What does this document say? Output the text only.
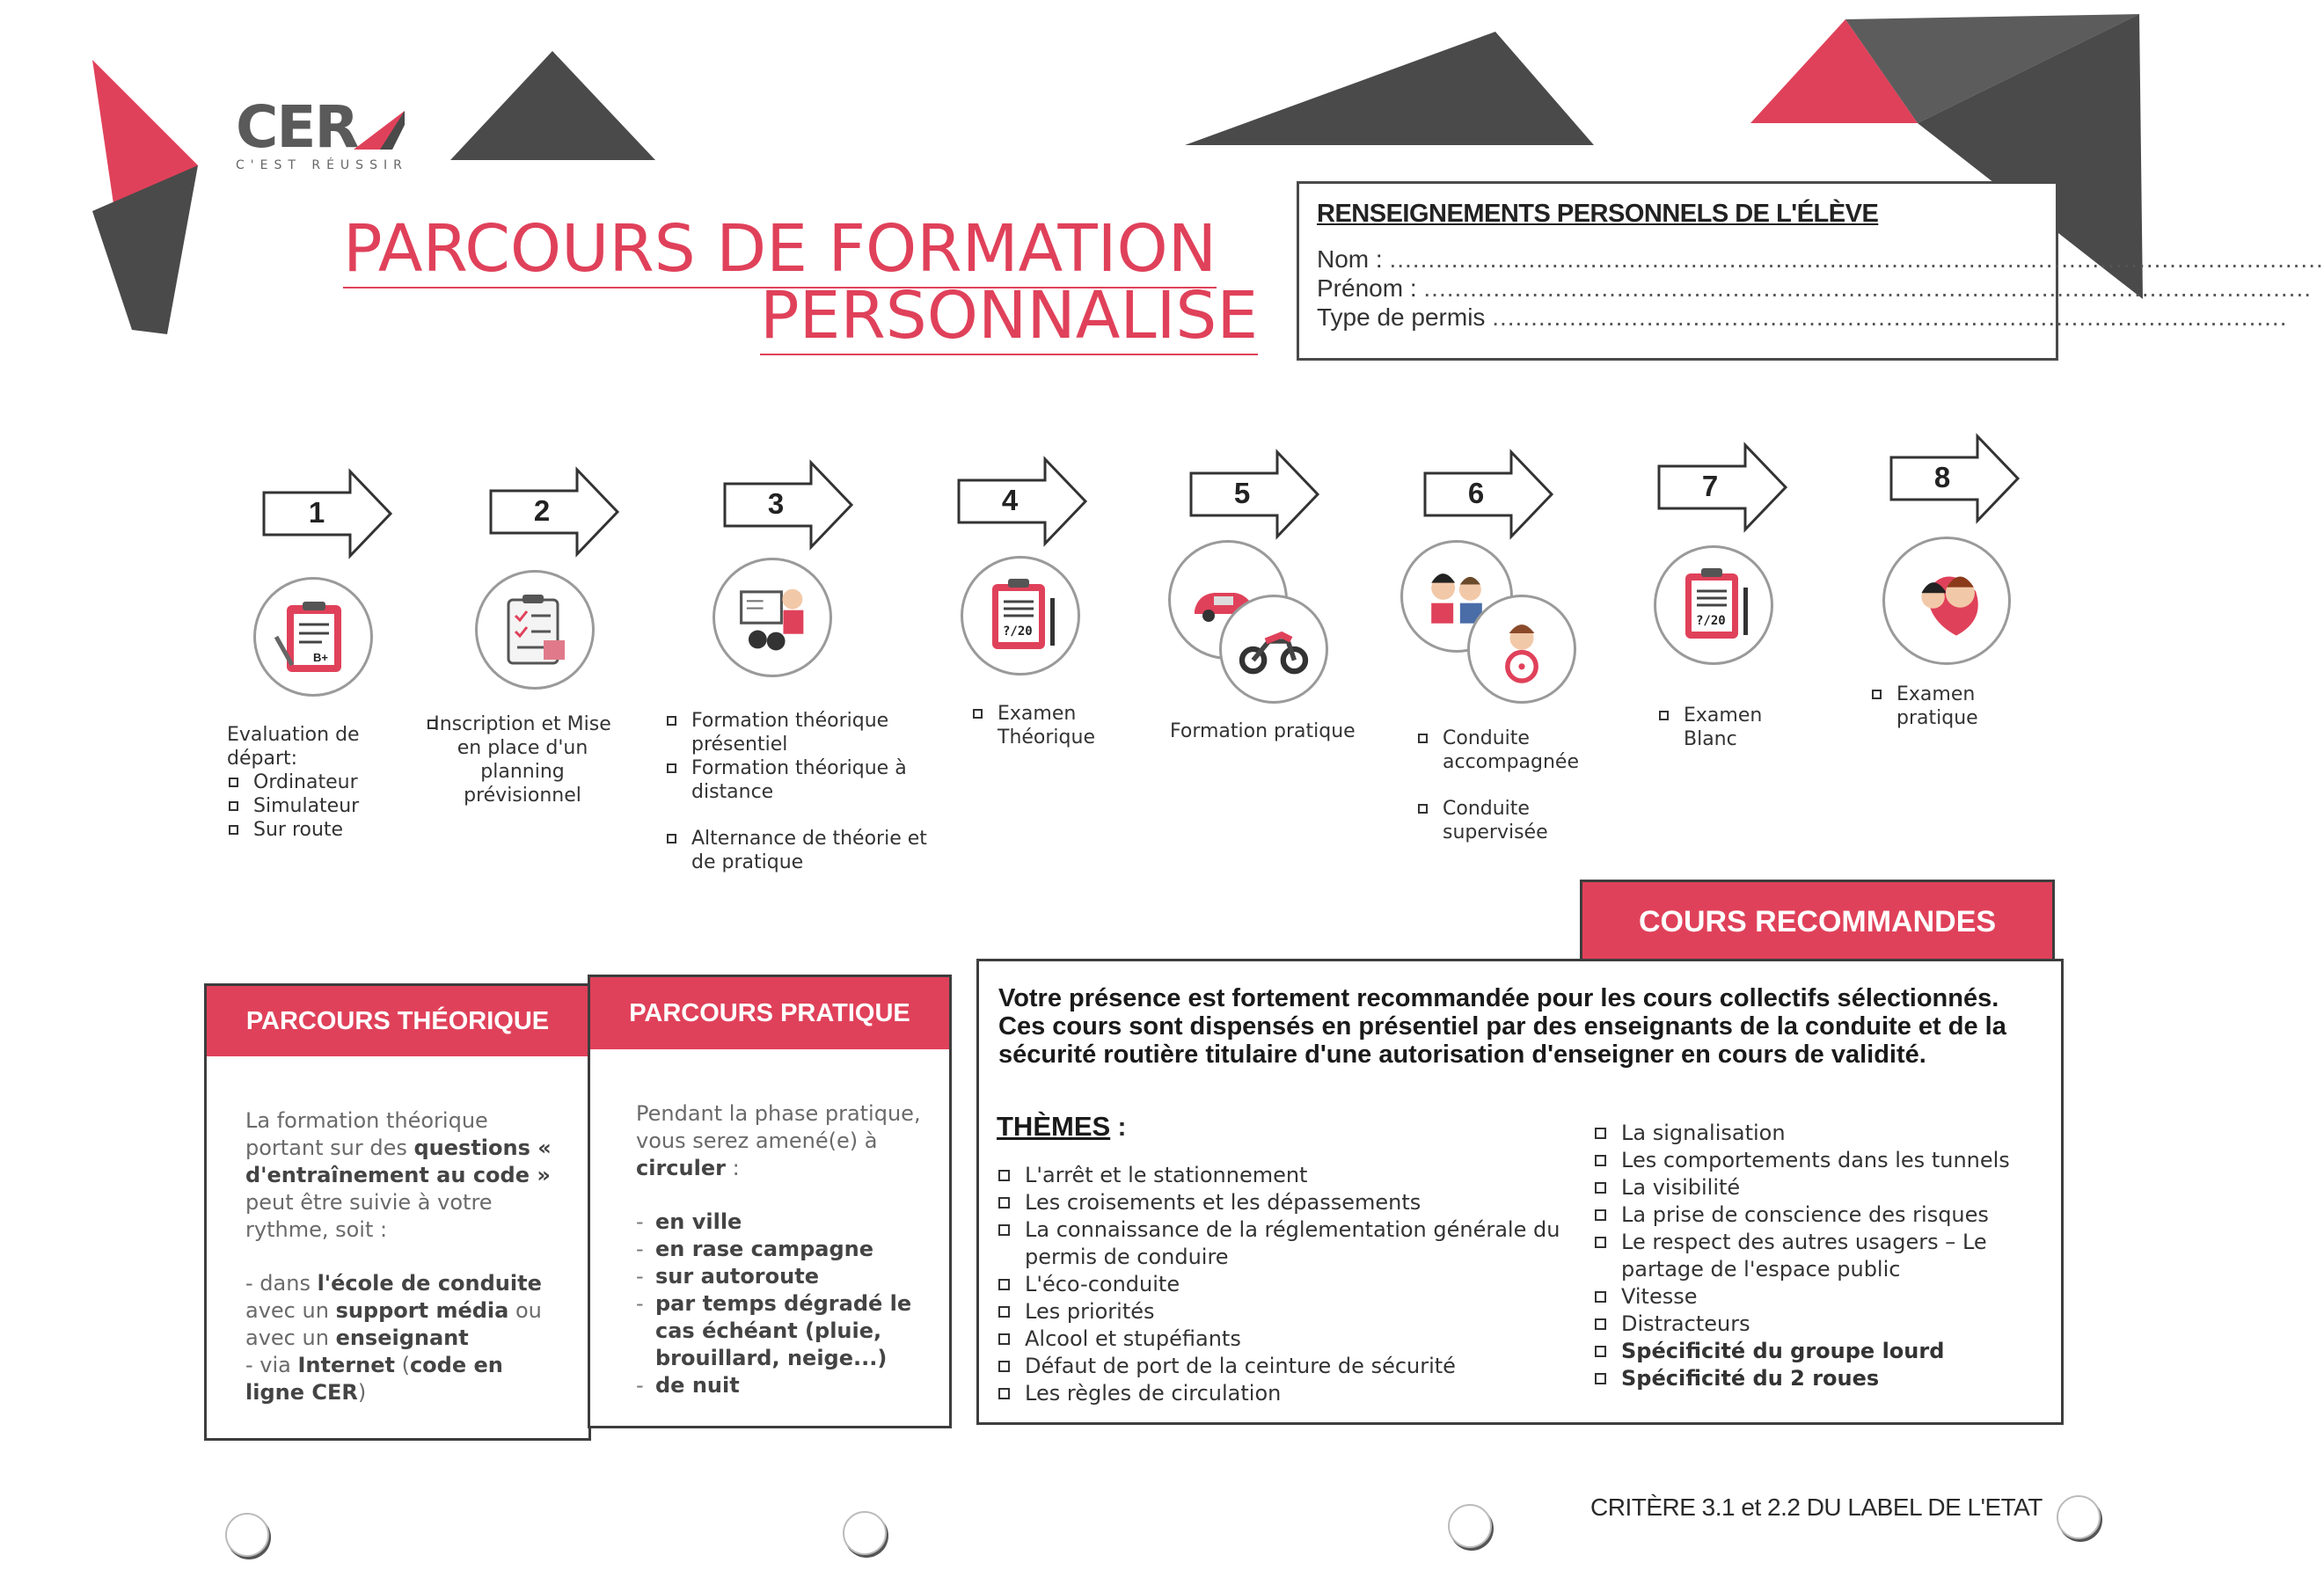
CER
C'EST RÉUSSIR
PARCOURS DE FORMATION
PERSONNALISE
RENSEIGNEMENTS PERSONNELS DE L'ÉLÈVE
Nom : .........................................................................................................................
Prénom : ...................................................................................................................
Type de permis .......................................................................................................
1
B+
Evaluation de départ:
Ordinateur
Simulateur
Sur route
2
Inscription et Mise en place d'un planning prévisionnel
3
Formation théorique présentiel
Formation théorique à distance
Alternance de théorie et de pratique
4
?/20
Examen Théorique
5
Formation pratique
6
Conduite accompagnée
Conduite supervisée
7
?/20
Examen Blanc
8
Examen pratique
PARCOURS THÉORIQUE
La formation théorique portant sur des questions « d'entraînement au code » peut être suivie à votre rythme, soit :
- dans l'école de conduite avec un support média ou avec un enseignant
- via Internet (code en ligne CER)
PARCOURS PRATIQUE
Pendant la phase pratique, vous serez amené(e) à circuler :
- en ville
- en rase campagne
- sur autoroute
- par temps dégradé le cas échéant (pluie, brouillard, neige...)
- de nuit
COURS RECOMMANDES
Votre présence est fortement recommandée pour les cours collectifs sélectionnés. Ces cours sont dispensés en présentiel par des enseignants de la conduite et de la sécurité routière titulaire d'une autorisation d'enseigner en cours de validité.
THÈMES :
L'arrêt et le stationnement
Les croisements et les dépassements
La connaissance de la réglementation générale du permis de conduire
L'éco-conduite
Les priorités
Alcool et stupéfiants
Défaut de port de la ceinture de sécurité
Les règles de circulation
La signalisation
Les comportements dans les tunnels
La visibilité
La prise de conscience des risques
Le respect des autres usagers – Le partage de l'espace public
Vitesse
Distracteurs
Spécificité du groupe lourd
Spécificité du 2 roues
CRITÈRE 3.1 et 2.2 DU LABEL DE L'ETAT
